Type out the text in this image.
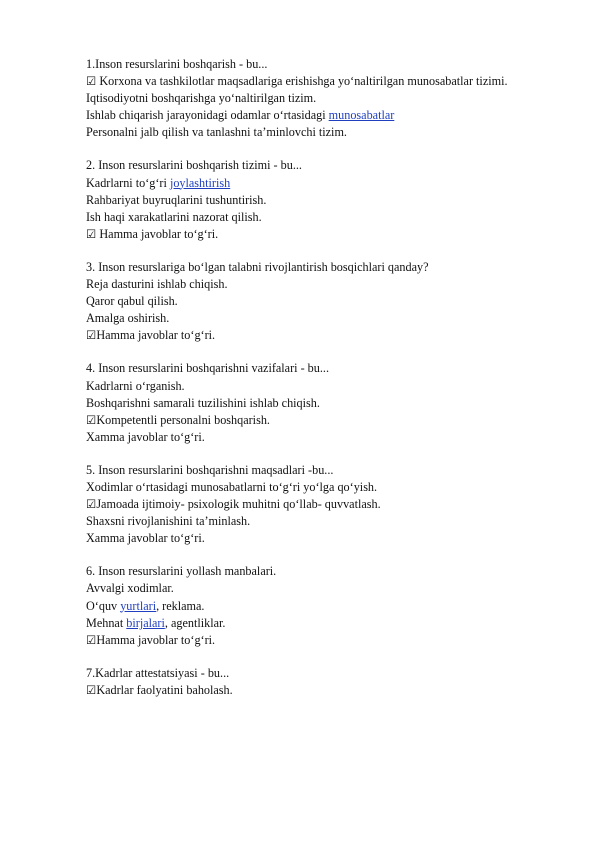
1.Inson resurslarini boshqarish - bu...
☑ Korxona va tashkilotlar maqsadlariga erishishga yo‘naltirilgan munosabatlar tizimi.
Iqtisodiyotni boshqarishga yo‘naltirilgan tizim.
Ishlab chiqarish jarayonidagi odamlar o‘rtasidagi munosabatlar
Personalni jalb qilish va tanlashni ta’minlovchi tizim.
2. Inson resurslarini boshqarish tizimi - bu...
Kadrlarni to‘g‘ri joylashtirish
Rahbariyat buyruqlarini tushuntirish.
Ish haqi xarakatlarini nazorat qilish.
☑ Hamma javoblar to‘g‘ri.
3. Inson resurslariga bo‘lgan talabni rivojlantirish bosqichlari qanday?
Reja dasturini ishlab chiqish.
Qaror qabul qilish.
Amalga oshirish.
☑Hamma javoblar to‘g‘ri.
4. Inson resurslarini boshqarishni vazifalari - bu...
Kadrlarni o‘rganish.
Boshqarishni samarali tuzilishini ishlab chiqish.
☑Kompetentli personalni boshqarish.
Xamma javoblar to‘g‘ri.
5. Inson resurslarini boshqarishni maqsadlari -bu...
Xodimlar o‘rtasidagi munosabatlarni to‘g‘ri yo‘lga qo‘yish.
☑Jamoada ijtimoiy- psixologik muhitni qo‘llab- quvvatlash.
Shaxsni rivojlanishini ta’minlash.
Xamma javoblar to‘g‘ri.
6. Inson resurslarini yollash manbalari.
Avvalgi xodimlar.
O‘quv yurtlari, reklama.
Mehnat birjalari, agentliklar.
☑Hamma javoblar to‘g‘ri.
7.Kadrlar attestatsiyasi - bu...
☑Kadrlar faolyatini baholash.
